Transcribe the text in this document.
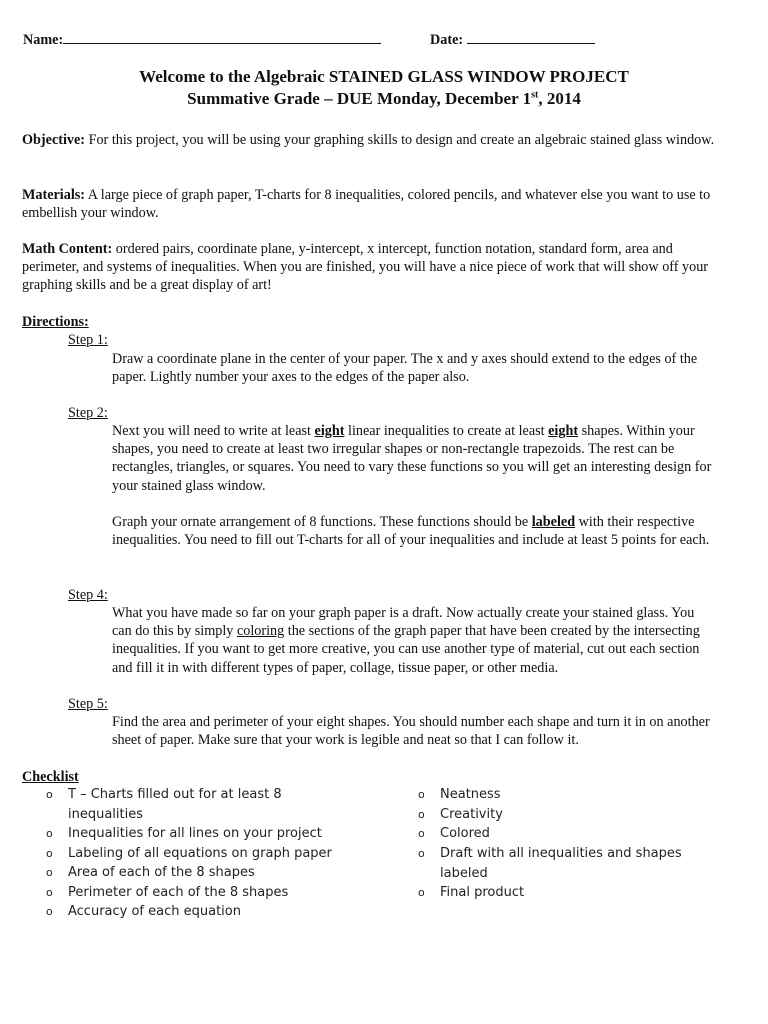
Name:	Date:
Welcome to the Algebraic STAINED GLASS WINDOW PROJECT
Summative Grade – DUE Monday, December 1st, 2014
Objective: For this project, you will be using your graphing skills to design and create an algebraic stained glass window.
Materials: A large piece of graph paper, T-charts for 8 inequalities, colored pencils, and whatever else you want to use to embellish your window.
Math Content: ordered pairs, coordinate plane, y-intercept, x intercept, function notation, standard form, area and perimeter, and systems of inequalities. When you are finished, you will have a nice piece of work that will show off your graphing skills and be a great display of art!
Directions:
Step 1:
Draw a coordinate plane in the center of your paper. The x and y axes should extend to the edges of the paper. Lightly number your axes to the edges of the paper also.
Step 2:
Next you will need to write at least eight linear inequalities to create at least eight shapes. Within your shapes, you need to create at least two irregular shapes or non-rectangle trapezoids. The rest can be rectangles, triangles, or squares. You need to vary these functions so you will get an interesting design for your stained glass window.
Graph your ornate arrangement of 8 functions. These functions should be labeled with their respective inequalities. You need to fill out T-charts for all of your inequalities and include at least 5 points for each.
Step 4:
What you have made so far on your graph paper is a draft. Now actually create your stained glass. You can do this by simply coloring the sections of the graph paper that have been created by the intersecting inequalities. If you want to get more creative, you can use another type of material, cut out each section and fill it in with different types of paper, collage, tissue paper, or other media.
Step 5:
Find the area and perimeter of your eight shapes. You should number each shape and turn it in on another sheet of paper. Make sure that your work is legible and neat so that I can follow it.
Checklist
o T – Charts filled out for at least 8 inequalities
o Inequalities for all lines on your project
o Labeling of all equations on graph paper
o Area of each of the 8 shapes
o Perimeter of each of the 8 shapes
o Accuracy of each equation
o Neatness
o Creativity
o Colored
o Draft with all inequalities and shapes labeled
o Final product
